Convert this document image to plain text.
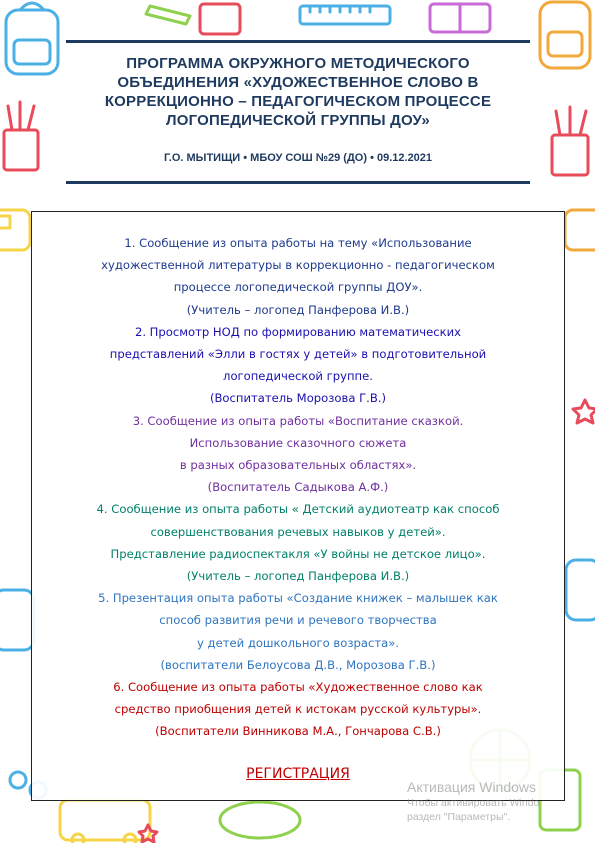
ПРОГРАММА ОКРУЖНОГО МЕТОДИЧЕСКОГО
ОБЪЕДИНЕНИЯ «ХУДОЖЕСТВЕННОЕ СЛОВО В
КОРРЕКЦИОННО – ПЕДАГОГИЧЕСКОМ ПРОЦЕССЕ
ЛОГОПЕДИЧЕСКОЙ ГРУППЫ ДОУ»
Г.О. МЫТИЩИ • МБОУ СОШ №29 (ДО) • 09.12.2021

1. Сообщение из опыта работы на тему «Использование

художественной литературы в коррекционно - педагогическом

процессе логопедической группы ДОУ».

(Учитель – логопед Панферова И.В.)

2. Просмотр НОД по формированию математических

представлений «Элли в гостях у детей» в подготовительной

логопедической группе.

(Воспитатель Морозова Г.В.)

3. Сообщение из опыта работы «Воспитание сказкой.

Использование сказочного сюжета

в разных образовательных областях».

(Воспитатель Садыкова А.Ф.)

4. Сообщение из опыта работы « Детский аудиотеатр как способ

совершенствования речевых навыков у детей».

Представление радиоспектакля «У войны не детское лицо».

(Учитель – логопед Панферова И.В.)

5. Презентация опыта работы «Создание книжек – малышек как

способ развития речи и речевого творчества

у детей дошкольного возраста».

(воспитатели Белоусова Д.В., Морозова Г.В.)

6. Сообщение из опыта работы «Художественное слово как

средство приобщения детей к истокам русской культуры».

(Воспитатели Винникова М.А., Гончарова С.В.)

РЕГИСТРАЦИЯ
Активация Windows
Чтобы активировать Windo
раздел "Параметры".
